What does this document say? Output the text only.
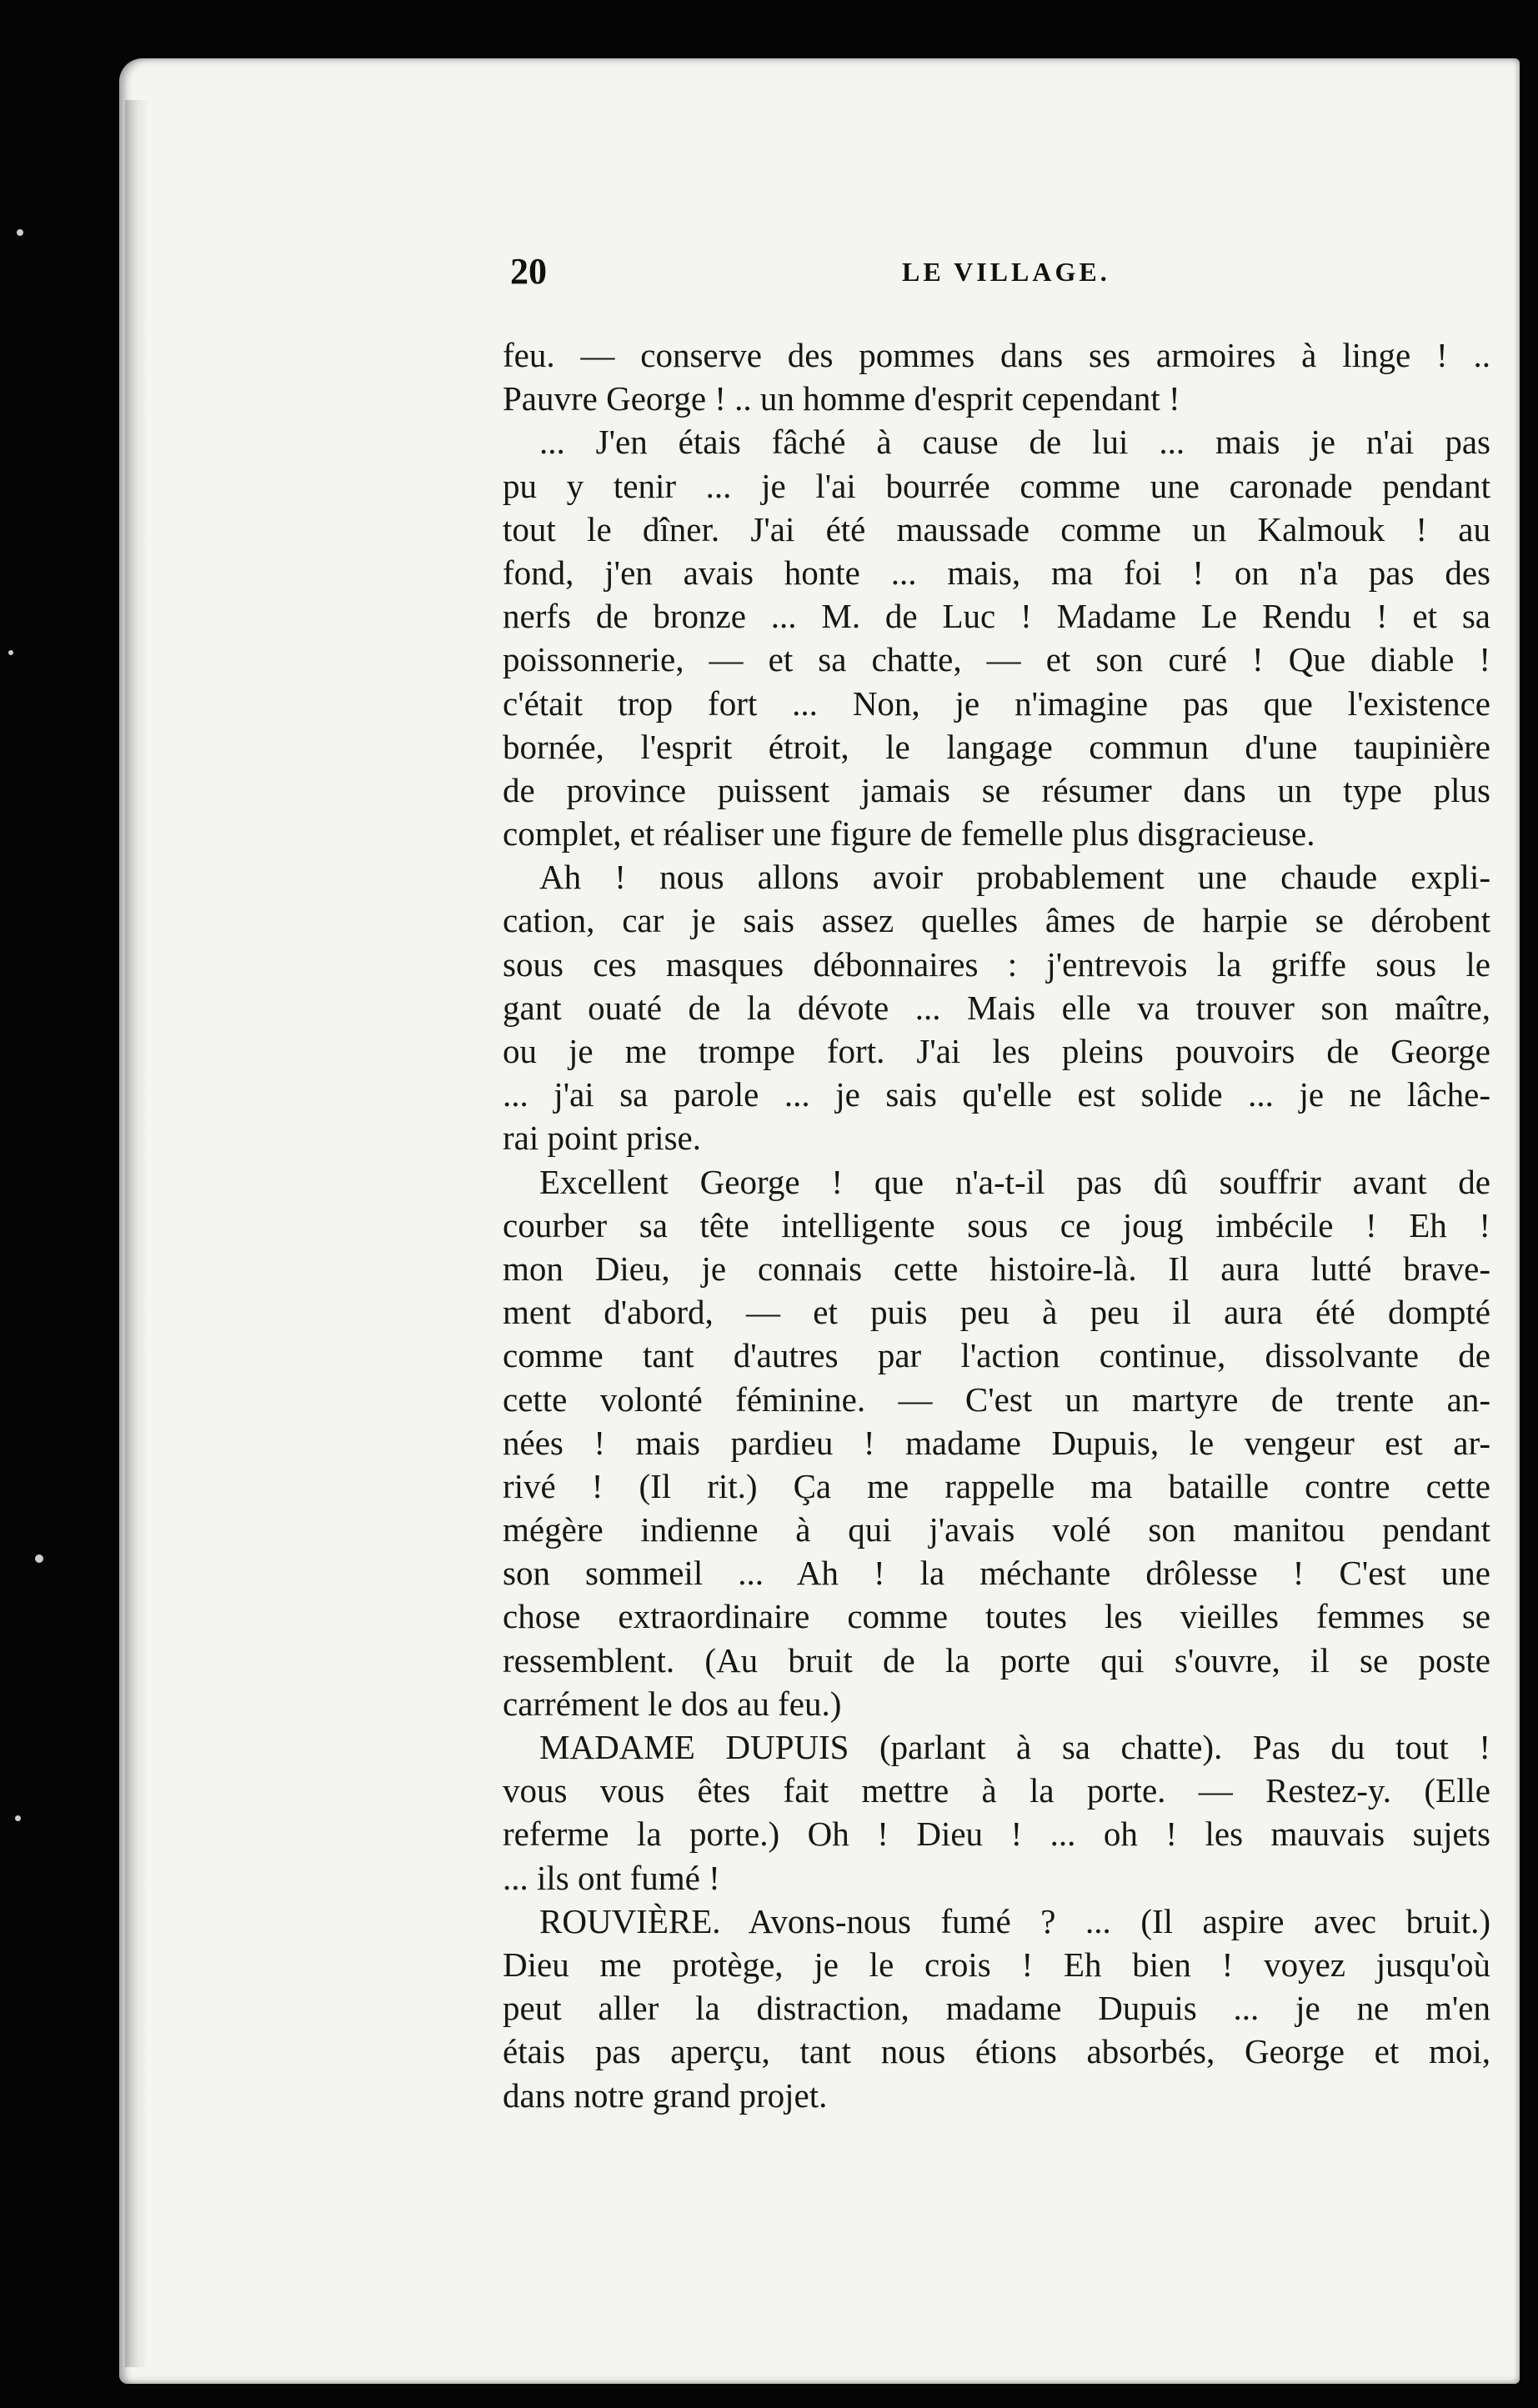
20	LE VILLAGE.
feu. — conserve des pommes dans ses armoires à linge ! ..
Pauvre George ! .. un homme d'esprit cependant !
... J'en étais fâché à cause de lui ... mais je n'ai pas
pu y tenir ... je l'ai bourrée comme une caronade pendant
tout le dîner. J'ai été maussade comme un Kalmouk ! au
fond, j'en avais honte ... mais, ma foi ! on n'a pas des
nerfs de bronze ... M. de Luc ! Madame Le Rendu ! et sa
poissonnerie, — et sa chatte, — et son curé ! Que diable !
c'était trop fort ... Non, je n'imagine pas que l'existence
bornée, l'esprit étroit, le langage commun d'une taupinière
de province puissent jamais se résumer dans un type plus
complet, et réaliser une figure de femelle plus disgracieuse.
Ah ! nous allons avoir probablement une chaude expli-
cation, car je sais assez quelles âmes de harpie se dérobent
sous ces masques débonnaires : j'entrevois la griffe sous le
gant ouaté de la dévote ... Mais elle va trouver son maître,
ou je me trompe fort. J'ai les pleins pouvoirs de George
... j'ai sa parole ... je sais qu'elle est solide ... je ne lâche-
rai point prise.
Excellent George ! que n'a-t-il pas dû souffrir avant de
courber sa tête intelligente sous ce joug imbécile ! Eh !
mon Dieu, je connais cette histoire-là. Il aura lutté brave-
ment d'abord, — et puis peu à peu il aura été dompté
comme tant d'autres par l'action continue, dissolvante de
cette volonté féminine. — C'est un martyre de trente an-
nées ! mais pardieu ! madame Dupuis, le vengeur est ar-
rivé ! (Il rit.) Ça me rappelle ma bataille contre cette
mégère indienne à qui j'avais volé son manitou pendant
son sommeil ... Ah ! la méchante drôlesse ! C'est une
chose extraordinaire comme toutes les vieilles femmes se
ressemblent. (Au bruit de la porte qui s'ouvre, il se poste
carrément le dos au feu.)
MADAME DUPUIS (parlant à sa chatte). Pas du tout !
vous vous êtes fait mettre à la porte. — Restez-y. (Elle
referme la porte.) Oh ! Dieu ! ... oh ! les mauvais sujets
... ils ont fumé !
ROUVIÈRE. Avons-nous fumé ? ... (Il aspire avec bruit.)
Dieu me protège, je le crois ! Eh bien ! voyez jusqu'où
peut aller la distraction, madame Dupuis ... je ne m'en
étais pas aperçu, tant nous étions absorbés, George et moi,
dans notre grand projet.
